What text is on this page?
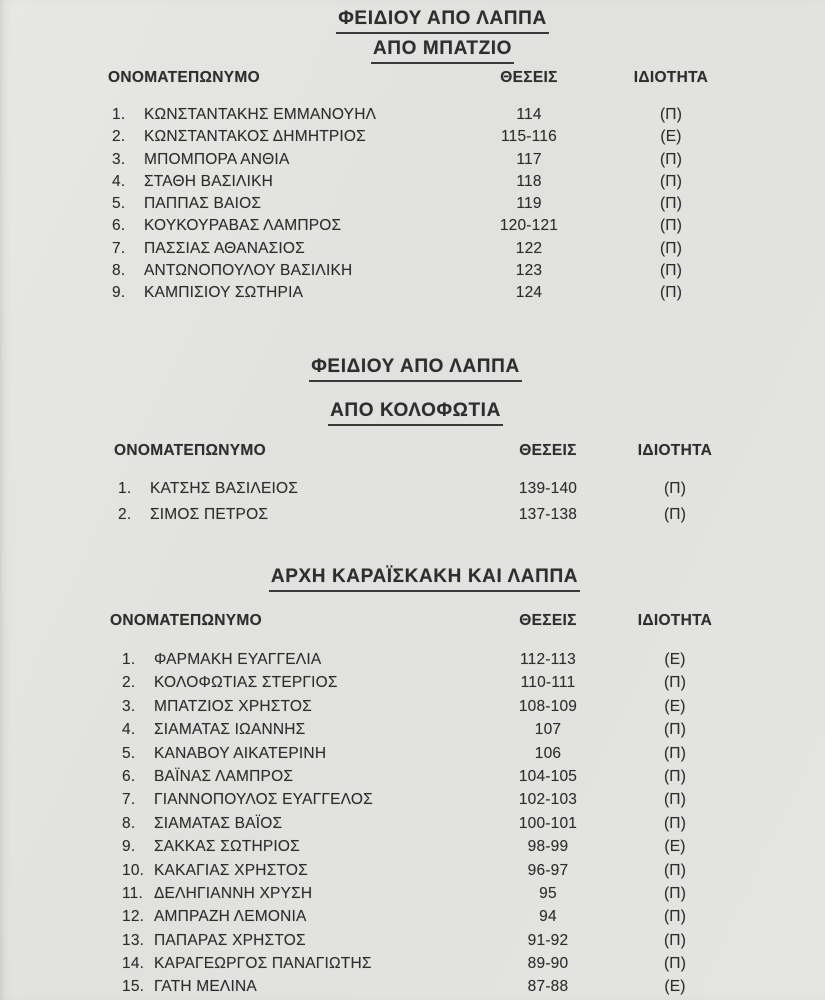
ΦΕΙΔΙΟΥ ΑΠΟ ΛΑΠΠΑ
ΑΠΟ ΜΠΑΤΖΙΟ
ΟΝΟΜΑΤΕΠΩΝΥΜΟ	ΘΕΣΕΙΣ	ΙΔΙΟΤΗΤΑ
1.	ΚΩΝΣΤΑΝΤΑΚΗΣ ΕΜΜΑΝΟΥΗΛ	114	(Π)
2.	ΚΩΝΣΤΑΝΤΑΚΟΣ ΔΗΜΗΤΡΙΟΣ	115-116	(Ε)
3.	ΜΠΟΜΠΟΡΑ ΑΝΘΙΑ	117	(Π)
4.	ΣΤΑΘΗ ΒΑΣΙΛΙΚΗ	118	(Π)
5.	ΠΑΠΠΑΣ ΒΑΙΟΣ	119	(Π)
6.	ΚΟΥΚΟΥΡΑΒΑΣ ΛΑΜΠΡΟΣ	120-121	(Π)
7.	ΠΑΣΣΙΑΣ ΑΘΑΝΑΣΙΟΣ	122	(Π)
8.	ΑΝΤΩΝΟΠΟΥΛΟΥ ΒΑΣΙΛΙΚΗ	123	(Π)
9.	ΚΑΜΠΙΣΙΟΥ ΣΩΤΗΡΙΑ	124	(Π)
ΦΕΙΔΙΟΥ ΑΠΟ ΛΑΠΠΑ
ΑΠΟ ΚΟΛΟΦΩΤΙΑ
ΟΝΟΜΑΤΕΠΩΝΥΜΟ	ΘΕΣΕΙΣ	ΙΔΙΟΤΗΤΑ
1.	ΚΑΤΣΗΣ ΒΑΣΙΛΕΙΟΣ	139-140	(Π)
2.	ΣΙΜΟΣ ΠΕΤΡΟΣ	137-138	(Π)
ΑΡΧΗ ΚΑΡΑΪΣΚΑΚΗ ΚΑΙ ΛΑΠΠΑ
ΟΝΟΜΑΤΕΠΩΝΥΜΟ	ΘΕΣΕΙΣ	ΙΔΙΟΤΗΤΑ
1.	ΦΑΡΜΑΚΗ ΕΥΑΓΓΕΛΙΑ	112-113	(Ε)
2.	ΚΟΛΟΦΩΤΙΑΣ ΣΤΕΡΓΙΟΣ	110-111	(Π)
3.	ΜΠΑΤΖΙΟΣ ΧΡΗΣΤΟΣ	108-109	(Ε)
4.	ΣΙΑΜΑΤΑΣ ΙΩΑΝΝΗΣ	107	(Π)
5.	ΚΑΝΑΒΟΥ ΑΙΚΑΤΕΡΙΝΗ	106	(Π)
6.	ΒΑΪΝΑΣ ΛΑΜΠΡΟΣ	104-105	(Π)
7.	ΓΙΑΝΝΟΠΟΥΛΟΣ ΕΥΑΓΓΕΛΟΣ	102-103	(Π)
8.	ΣΙΑΜΑΤΑΣ ΒΑΪΟΣ	100-101	(Π)
9.	ΣΑΚΚΑΣ ΣΩΤΗΡΙΟΣ	98-99	(Ε)
10. ΚΑΚΑΓΙΑΣ ΧΡΗΣΤΟΣ	96-97	(Π)
11. ΔΕΛΗΓΙΑΝΝΗ ΧΡΥΣΗ	95	(Π)
12. ΑΜΠΡΑΖΗ ΛΕΜΟΝΙΑ	94	(Π)
13. ΠΑΠΑΡΑΣ ΧΡΗΣΤΟΣ	91-92	(Π)
14. ΚΑΡΑΓΕΩΡΓΟΣ ΠΑΝΑΓΙΩΤΗΣ	89-90	(Π)
15. ΓΑΤΗ ΜΕΛΙΝΑ	87-88	(Ε)
